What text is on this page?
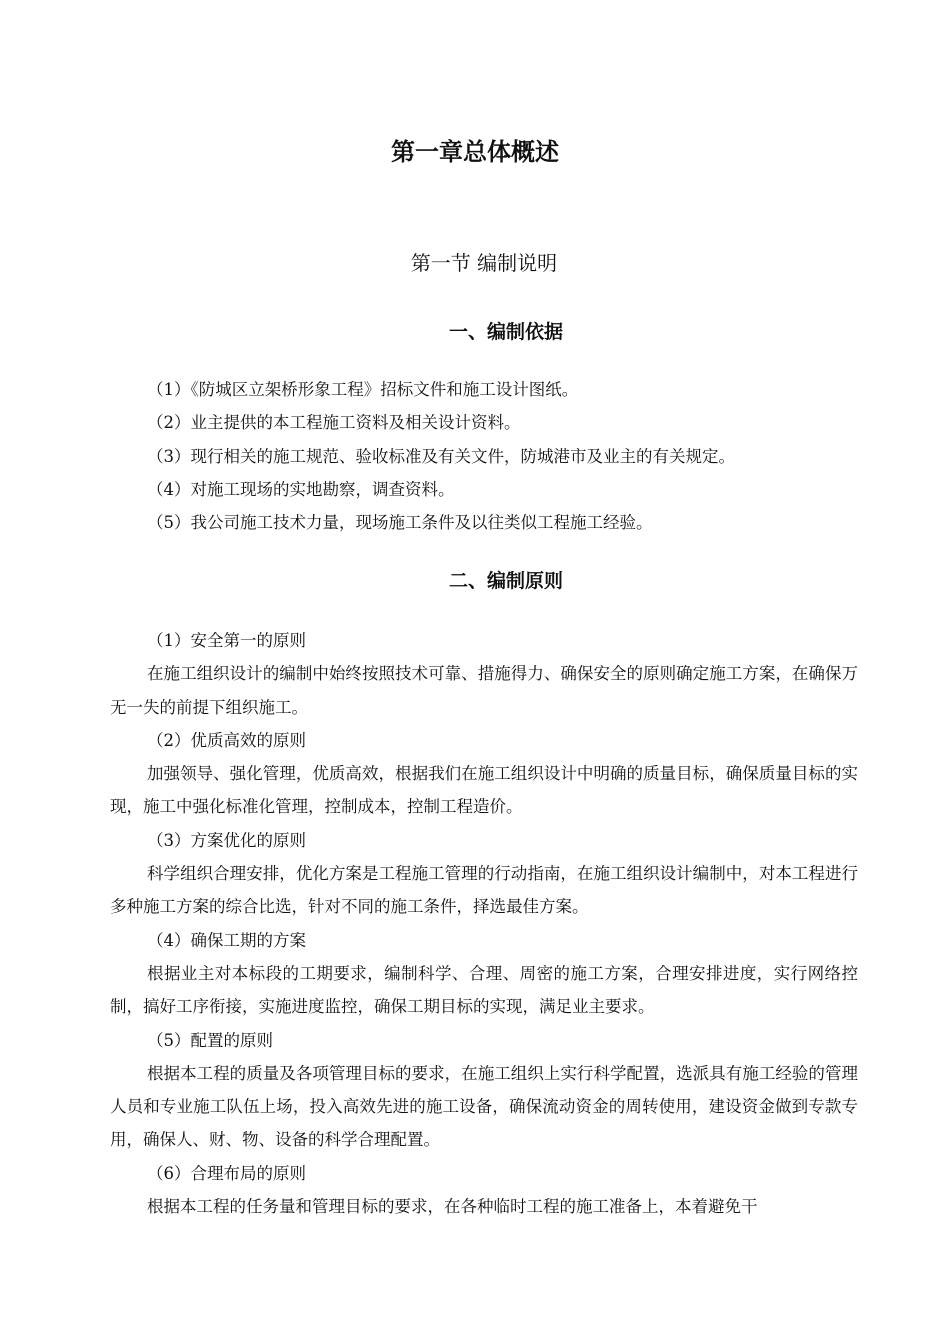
第一章总体概述
第一节 编制说明
一、编制依据

（1）《防城区立架桥形象工程》招标文件和施工设计图纸。

（2）业主提供的本工程施工资料及相关设计资料。

（3）现行相关的施工规范、验收标准及有关文件，防城港市及业主的有关规定。

（4）对施工现场的实地勘察，调查资料。

（5）我公司施工技术力量，现场施工条件及以往类似工程施工经验。

二、编制原则

（1）安全第一的原则

在施工组织设计的编制中始终按照技术可靠、措施得力、确保安全的原则确定施工方案，在确保万无一失的前提下组织施工。

（2）优质高效的原则

加强领导、强化管理，优质高效，根据我们在施工组织设计中明确的质量目标，确保质量目标的实现，施工中强化标准化管理，控制成本，控制工程造价。

（3）方案优化的原则

科学组织合理安排，优化方案是工程施工管理的行动指南，在施工组织设计编制中，对本工程进行多种施工方案的综合比选，针对不同的施工条件，择选最佳方案。

（4）确保工期的方案

根据业主对本标段的工期要求，编制科学、合理、周密的施工方案，合理安排进度，实行网络控制，搞好工序衔接，实施进度监控，确保工期目标的实现，满足业主要求。

（5）配置的原则

根据本工程的质量及各项管理目标的要求，在施工组织上实行科学配置，选派具有施工经验的管理人员和专业施工队伍上场，投入高效先进的施工设备，确保流动资金的周转使用，建设资金做到专款专用，确保人、财、物、设备的科学合理配置。

（6）合理布局的原则

根据本工程的任务量和管理目标的要求，在各种临时工程的施工准备上，本着避免干
